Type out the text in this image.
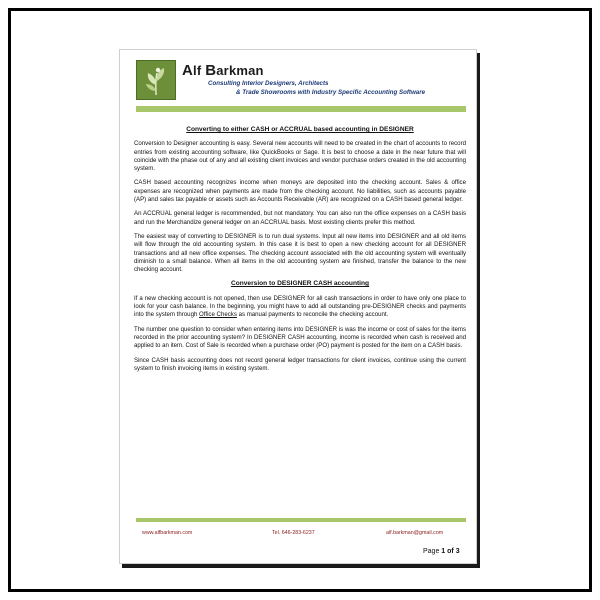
Alf Barkman
Consulting Interior Designers, Architects
& Trade Showrooms with Industry Specific Accounting Software
Converting to either CASH or ACCRUAL based accounting in DESIGNER
Conversion to Designer accounting is easy. Several new accounts will need to be created in the chart of accounts to record entries from existing accounting software, like QuickBooks or Sage. It is best to choose a date in the near future that will coincide with the phase out of any and all existing client invoices and vendor purchase orders created in the old accounting system.
CASH based accounting recognizes income when moneys are deposited into the checking account. Sales & office expenses are recognized when payments are made from the checking account. No liabilities, such as accounts payable (AP) and sales tax payable or assets such as Accounts Receivable (AR) are recognized on a CASH based general ledger.
An ACCRUAL general ledger is recommended, but not mandatory. You can also run the office expenses on a CASH basis and run the Merchandize general ledger on an ACCRUAL basis. Most existing clients prefer this method.
The easiest way of converting to DESIGNER is to run dual systems. Input all new items into DESIGNER and all old items will flow through the old accounting system. In this case it is best to open a new checking account for all DESIGNER transactions and all new office expenses. The checking account associated with the old accounting system will eventually diminish to a small balance. When all items in the old accounting system are finished, transfer the balance to the new checking account.
Conversion to DESIGNER CASH accounting
If a new checking account is not opened, then use DESIGNER for all cash transactions in order to have only one place to look for your cash balance. In the beginning, you might have to add all outstanding pre-DESIGNER checks and payments into the system through Office Checks as manual payments to reconcile the checking account.
The number one question to consider when entering items into DESIGNER is was the income or cost of sales for the items recorded in the prior accounting system? In DESIGNER CASH accounting, income is recorded when cash is received and applied to an item. Cost of Sale is recorded when a purchase order (PO) payment is posted for the item on a CASH basis.
Since CASH basis accounting does not record general ledger transactions for client invoices, continue using the current system to finish invoicing items in existing system.
www.alfbarkman.com	Tel. 646-283-6237	alf.barkman@gmail.com
Page 1 of 3
